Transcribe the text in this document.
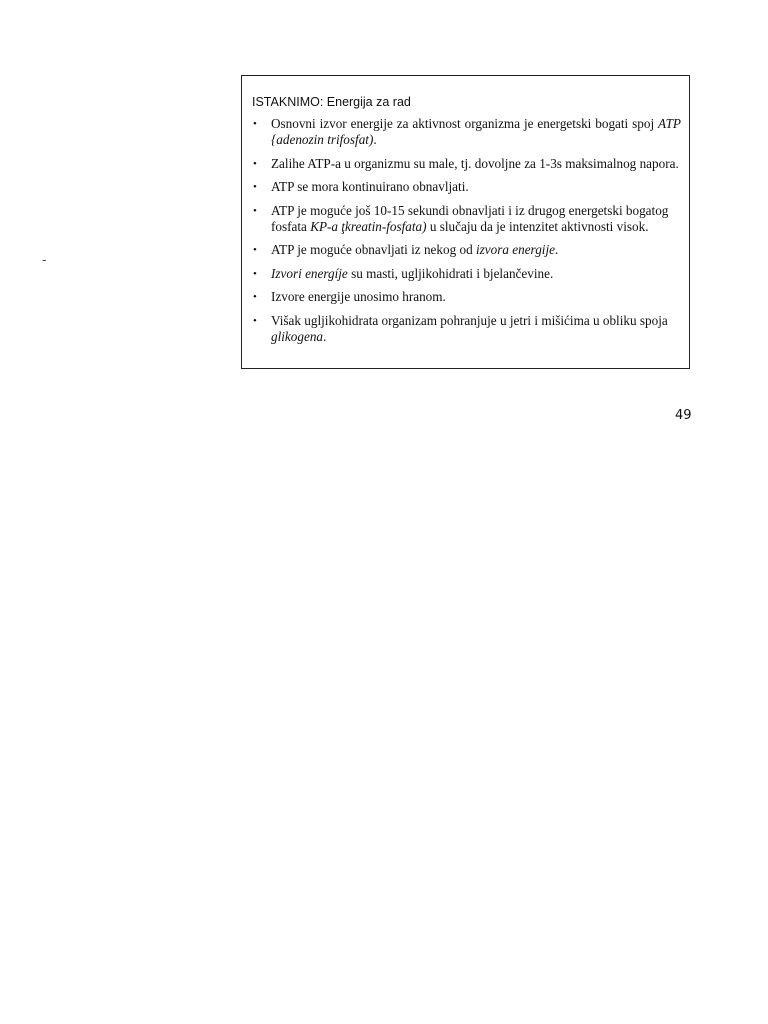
-
ISTAKNIMO: Energija za rad
• Osnovni izvor energije za aktivnost organizma je energetski bogati spoj ATP {adenozin trifosfat).
• Zalihe ATP-a u organizmu su male, tj. dovoljne za 1-3s maksimalnog napora.
• ATP se mora kontinuirano obnavljati.
• ATP je moguće još 10-15 sekundi obnavljati i iz drugog energetski bogatog fosfata KP-a ţkreatin-fosfata) u slučaju da je intenzitet aktivnosti visok.
• ATP je moguće obnavljati iz nekog od izvora energije.
• Izvori energíje su masti, ugljikohidrati i bjelančevine.
• Izvore energije unosimo hranom.
• Višak ugljikohidrata organizam pohranjuje u jetri i mišićima u obliku spoja glikogena.
49
